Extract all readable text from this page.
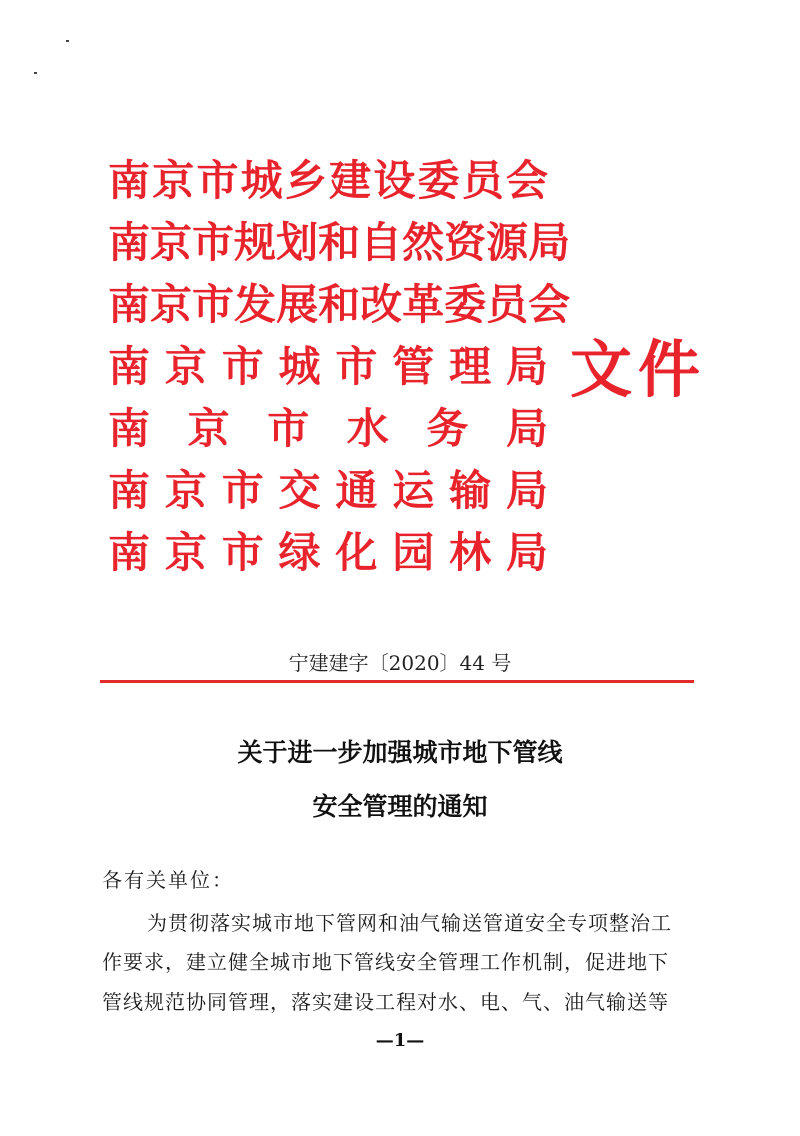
南 京 市 城 乡 建 设 委 员 会
南 京 市 规 划 和 自 然 资 源 局
南 京 市 发 展 和 改 革 委 员 会
南 京 市 城 市 管 理 局
南 京 市 水 务 局
南 京 市 交 通 运 输 局
南 京 市 绿 化 园 林 局
文件
宁建建字〔2020〕44 号
关于进一步加强城市地下管线
安全管理的通知
各有关单位：
为贯彻落实城市地下管网和油气输送管道安全专项整治工
作要求，建立健全城市地下管线安全管理工作机制，促进地下
管线规范协同管理，落实建设工程对水、电、气、油气输送等
—1—
